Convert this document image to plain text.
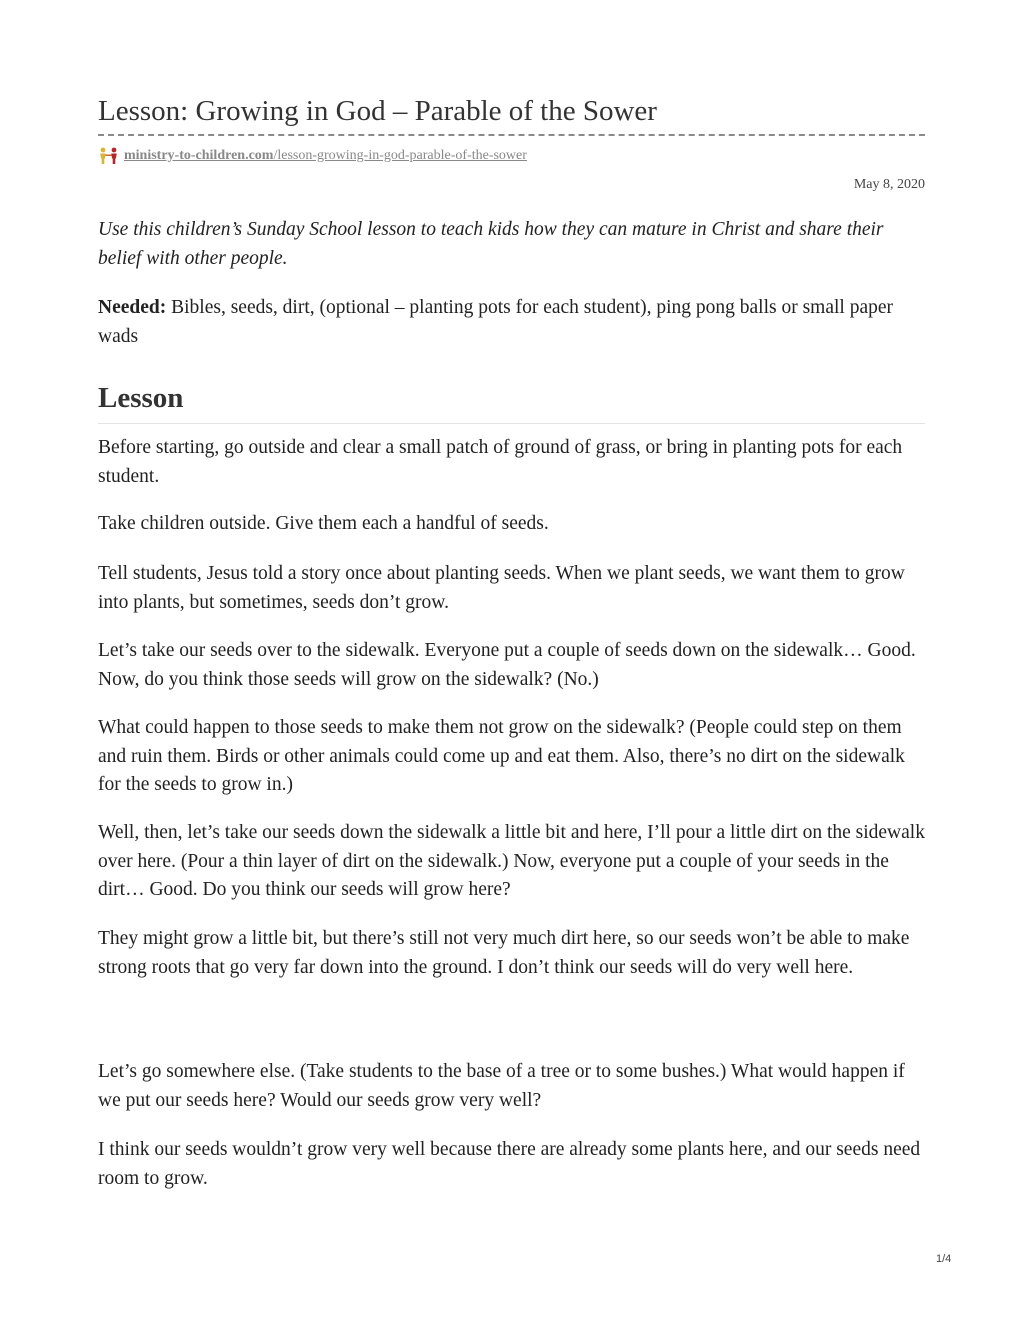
Lesson: Growing in God – Parable of the Sower
ministry-to-children.com/lesson-growing-in-god-parable-of-the-sower
May 8, 2020

Use this children’s Sunday School lesson to teach kids how they can mature in Christ and share their belief with other people.

Needed: Bibles, seeds, dirt, (optional – planting pots for each student), ping pong balls or small paper wads

Lesson

Before starting, go outside and clear a small patch of ground of grass, or bring in planting pots for each student.

Take children outside. Give them each a handful of seeds.

Tell students, Jesus told a story once about planting seeds. When we plant seeds, we want them to grow into plants, but sometimes, seeds don’t grow.

Let’s take our seeds over to the sidewalk. Everyone put a couple of seeds down on the sidewalk… Good. Now, do you think those seeds will grow on the sidewalk? (No.)

What could happen to those seeds to make them not grow on the sidewalk? (People could step on them and ruin them. Birds or other animals could come up and eat them. Also, there’s no dirt on the sidewalk for the seeds to grow in.)

Well, then, let’s take our seeds down the sidewalk a little bit and here, I’ll pour a little dirt on the sidewalk over here. (Pour a thin layer of dirt on the sidewalk.) Now, everyone put a couple of your seeds in the dirt… Good. Do you think our seeds will grow here?

They might grow a little bit, but there’s still not very much dirt here, so our seeds won’t be able to make strong roots that go very far down into the ground. I don’t think our seeds will do very well here.

Let’s go somewhere else. (Take students to the base of a tree or to some bushes.) What would happen if we put our seeds here? Would our seeds grow very well?

I think our seeds wouldn’t grow very well because there are already some plants here, and our seeds need room to grow.

1/4
